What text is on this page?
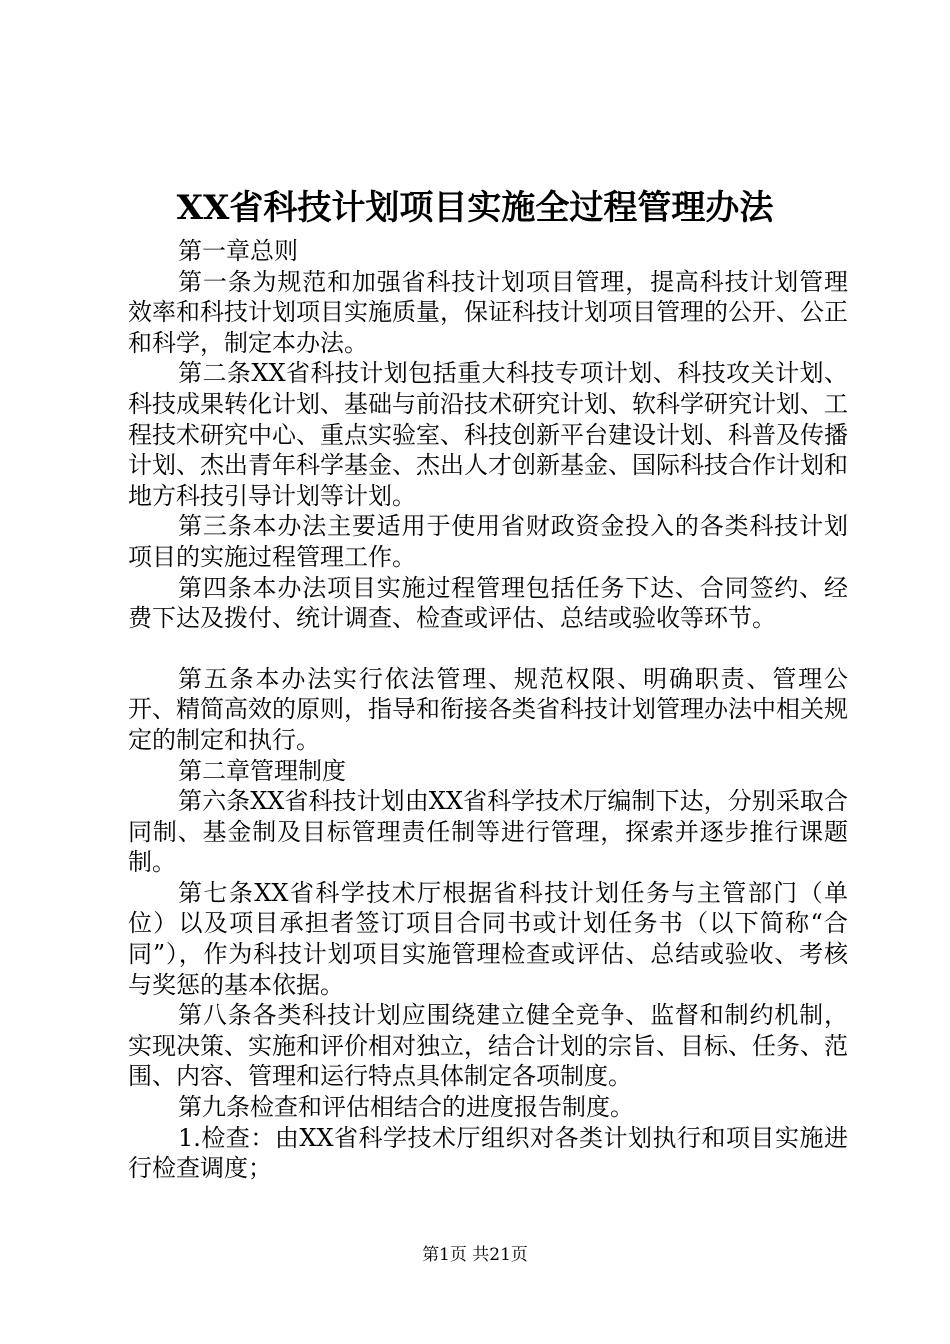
XX省科技计划项目实施全过程管理办法

第一章总则

第一条为规范和加强省科技计划项目管理，提高科技计划管理效率和科技计划项目实施质量，保证科技计划项目管理的公开、公正和科学，制定本办法。

第二条XX省科技计划包括重大科技专项计划、科技攻关计划、科技成果转化计划、基础与前沿技术研究计划、软科学研究计划、工程技术研究中心、重点实验室、科技创新平台建设计划、科普及传播计划、杰出青年科学基金、杰出人才创新基金、国际科技合作计划和地方科技引导计划等计划。

第三条本办法主要适用于使用省财政资金投入的各类科技计划项目的实施过程管理工作。

第四条本办法项目实施过程管理包括任务下达、合同签约、经费下达及拨付、统计调查、检查或评估、总结或验收等环节。

第五条本办法实行依法管理、规范权限、明确职责、管理公开、精简高效的原则，指导和衔接各类省科技计划管理办法中相关规定的制定和执行。

第二章管理制度

第六条XX省科技计划由XX省科学技术厅编制下达，分别采取合同制、基金制及目标管理责任制等进行管理，探索并逐步推行课题制。

第七条XX省科学技术厅根据省科技计划任务与主管部门（单位）以及项目承担者签订项目合同书或计划任务书（以下简称“合同”），作为科技计划项目实施管理检查或评估、总结或验收、考核与奖惩的基本依据。

第八条各类科技计划应围绕建立健全竞争、监督和制约机制，实现决策、实施和评价相对独立，结合计划的宗旨、目标、任务、范围、内容、管理和运行特点具体制定各项制度。

第九条检查和评估相结合的进度报告制度。

1.检查：由XX省科学技术厅组织对各类计划执行和项目实施进行检查调度；

第1页 共21页
